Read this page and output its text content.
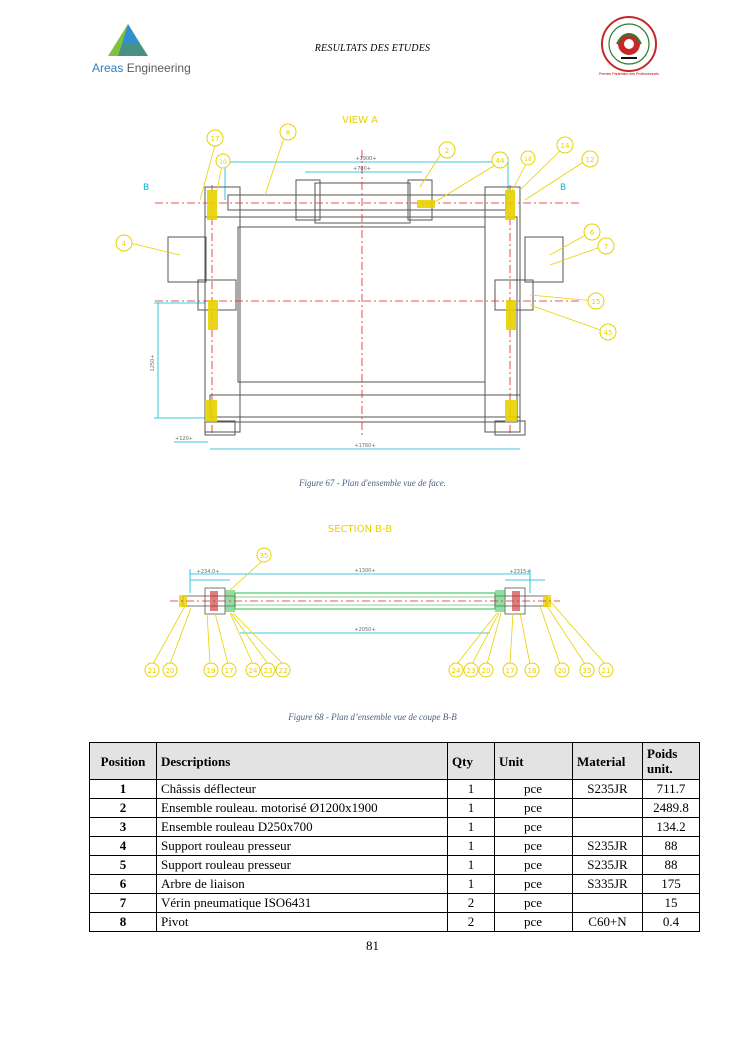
Areas Engineering
RESULTATS DES ETUDES
Premier Partenaire des Professionnels
VIEW A
+1900+
+700+
1250+
+1760+
+120+
17
8
10
2
44	18
14
12
4
6
7
15
45
B	B
Figure 67 - Plan d'ensemble vue de face.
SECTION B-B
+234.0+	+1300+	+2315+
+2050+
35
21 20	19 17 24 23 22	24 23 20 17 18	20 35 21
Figure 68 - Plan d’ensemble vue de coupe B-B
Position	Descriptions	Qty	Unit	Material	Poids unit.
1	Châssis déflecteur	1	pce	S235JR	711.7
2	Ensemble rouleau. motorisé Ø1200x1900	1	pce		2489.8
3	Ensemble rouleau D250x700	1	pce		134.2
4	Support rouleau presseur	1	pce	S235JR	88
5	Support rouleau presseur	1	pce	S235JR	88
6	Arbre de liaison	1	pce	S335JR	175
7	Vérin pneumatique ISO6431	2	pce		15
8	Pivot	2	pce	C60+N	0.4
81
